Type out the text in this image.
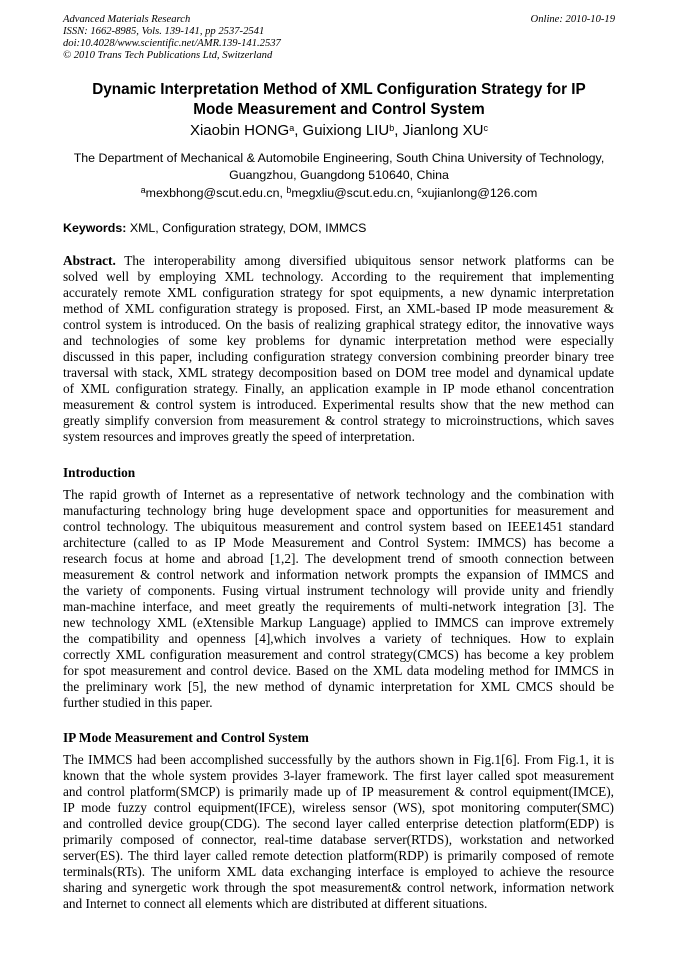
Advanced Materials Research
ISSN: 1662-8985, Vols. 139-141, pp 2537-2541
doi:10.4028/www.scientific.net/AMR.139-141.2537
© 2010 Trans Tech Publications Ltd, Switzerland
Online: 2010-10-19
Dynamic Interpretation Method of XML Configuration Strategy for IP
Mode Measurement and Control System
Xiaobin HONG$^a$, Guixiong LIU$^b$, Jianlong $XU^c$
The Department of Mechanical & Automobile Engineering, South China University of Technology,
Guangzhou, Guangdong 510640, China
$^a$mexbhong@scut.edu.cn, $^b$megxliu@scut.edu.cn, $^c$xujianlong@126.com
Keywords: XML, Configuration strategy, DOM, IMMCS
Abstract. The interoperability among diversified ubiquitous sensor network platforms can be
solved well by employing XML technology. According to the requirement that implementing
accurately remote XML configuration strategy for spot equipments, a new dynamic interpretation
method of XML configuration strategy is proposed. First, an XML-based IP mode measurement &
control system is introduced. On the basis of realizing graphical strategy editor, the innovative ways
and technologies of some key problems for dynamic interpretation method were especially
discussed in this paper, including configuration strategy conversion combining preorder binary tree
traversal with stack, XML strategy decomposition based on DOM tree model and dynamical update
of XML configuration strategy. Finally, an application example in IP mode ethanol concentration
measurement & control system is introduced. Experimental results show that the new method can
greatly simplify conversion from measurement & control strategy to microinstructions, which saves
system resources and improves greatly the speed of interpretation.
Introduction
The rapid growth of Internet as a representative of network technology and the combination with
manufacturing technology bring huge development space and opportunities for measurement and
control technology. The ubiquitous measurement and control system based on IEEE1451 standard
architecture (called to as IP Mode Measurement and Control System: IMMCS) has become a
research focus at home and abroad [1,2]. The development trend of smooth connection between
measurement & control network and information network prompts the expansion of IMMCS and
the variety of components. Fusing virtual instrument technology will provide unity and friendly
man-machine interface, and meet greatly the requirements of multi-network integration [3]. The
new technology XML (eXtensible Markup Language) applied to IMMCS can improve extremely
the compatibility and openness [4],which involves a variety of techniques. How to explain
correctly XML configuration measurement and control strategy(CMCS) has become a key problem
for spot measurement and control device. Based on the XML data modeling method for IMMCS in
the preliminary work [5], the new method of dynamic interpretation for XML CMCS should be
further studied in this paper.
IP Mode Measurement and Control System
The IMMCS had been accomplished successfully by the authors shown in Fig.1[6]. From Fig.1, it is
known that the whole system provides 3-layer framework. The first layer called spot measurement
and control platform(SMCP) is primarily made up of IP measurement & control equipment(IMCE),
IP mode fuzzy control equipment(IFCE), wireless sensor (WS), spot monitoring computer(SMC)
and controlled device group(CDG). The second layer called enterprise detection platform(EDP) is
primarily composed of connector, real-time database server(RTDS), workstation and networked
server(ES). The third layer called remote detection platform(RDP) is primarily composed of remote
terminals(RTs). The uniform XML data exchanging interface is employed to achieve the resource
sharing and synergetic work through the spot measurement& control network, information network
and Internet to connect all elements which are distributed at different situations.
